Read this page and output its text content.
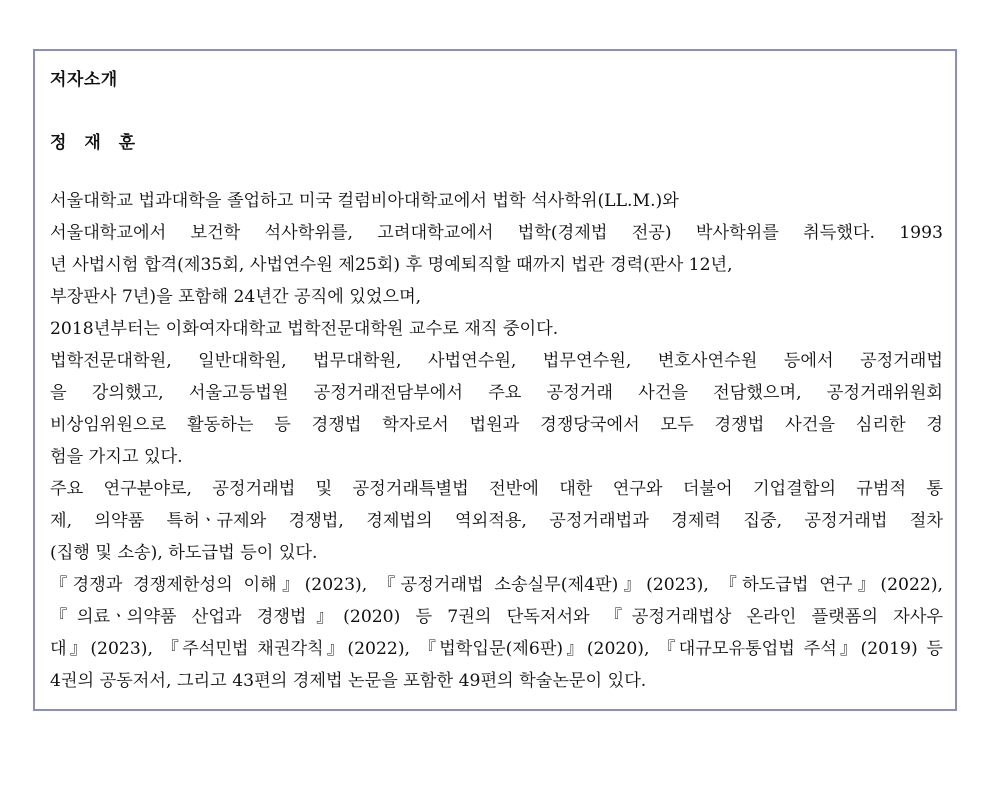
저자소개
정 재 훈
서울대학교 법과대학을 졸업하고 미국 컬럼비아대학교에서 법학 석사학위(LL.M.)와
서울대학교에서 보건학 석사학위를, 고려대학교에서 법학(경제법 전공) 박사학위를 취득했다. 1993
년 사법시험 합격(제35회, 사법연수원 제25회) 후 명예퇴직할 때까지 법관 경력(판사 12년,
부장판사 7년)을 포함해 24년간 공직에 있었으며,
2018년부터는 이화여자대학교 법학전문대학원 교수로 재직 중이다.
법학전문대학원, 일반대학원, 법무대학원, 사법연수원, 법무연수원, 변호사연수원 등에서 공정거래법
을 강의했고, 서울고등법원 공정거래전담부에서 주요 공정거래 사건을 전담했으며, 공정거래위원회
비상임위원으로 활동하는 등 경쟁법 학자로서 법원과 경쟁당국에서 모두 경쟁법 사건을 심리한 경
험을 가지고 있다.
주요 연구분야로, 공정거래법 및 공정거래특별법 전반에 대한 연구와 더불어 기업결합의 규범적 통
제, 의약품 특허ㆍ규제와 경쟁법, 경제법의 역외적용, 공정거래법과 경제력 집중, 공정거래법 절차
(집행 및 소송), 하도급법 등이 있다.
『경쟁과 경쟁제한성의 이해』(2023), 『공정거래법 소송실무(제4판)』(2023), 『하도급법 연구』(2022),
『의료ㆍ의약품 산업과 경쟁법』(2020) 등 7권의 단독저서와 『공정거래법상 온라인 플랫폼의 자사우
대』(2023), 『주석민법 채권각칙』(2022), 『법학입문(제6판)』(2020), 『대규모유통업법 주석』(2019) 등
4권의 공동저서, 그리고 43편의 경제법 논문을 포함한 49편의 학술논문이 있다.
